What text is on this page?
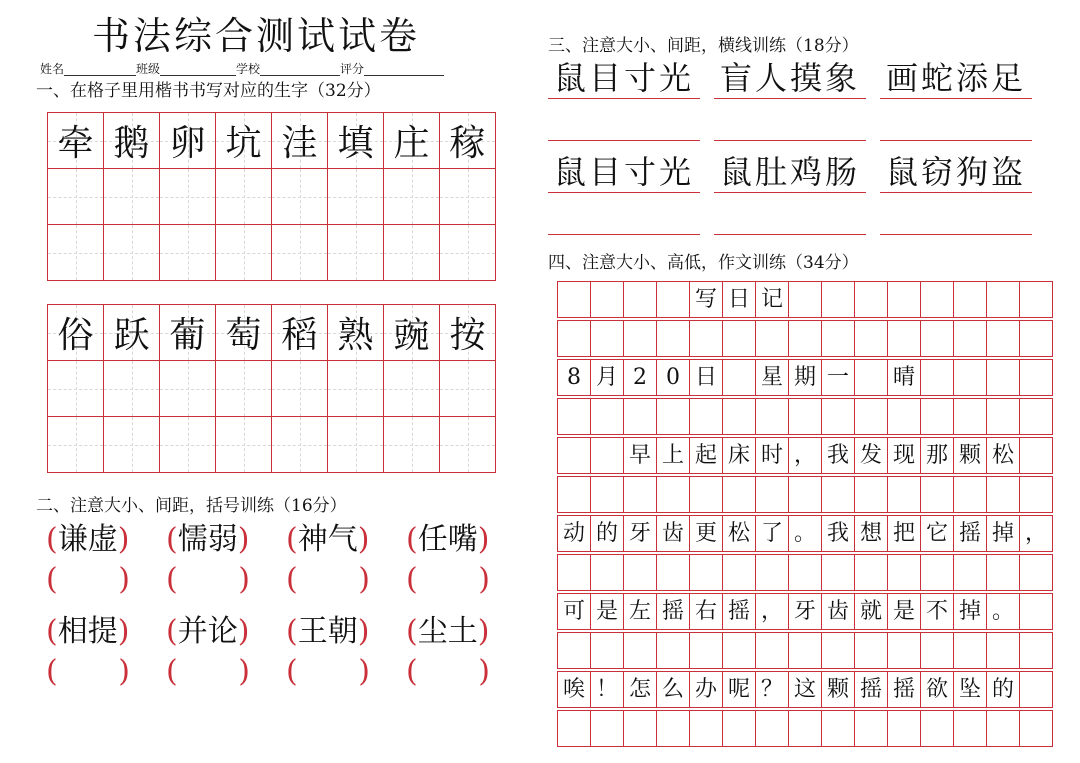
书法综合测试试卷
姓名	班级	学校	评分
一、在格子里用楷书书写对应的生字（32分）
牵	鹅	卵	坑	洼	填	庄	稼

俗	跃	葡	萄	稻	熟	豌	按

二、注意大小、间距，括号训练（16分）
(谦虚)
( )
(懦弱)
( )
(神气)
( )
(任嘴)
( )
(相提)
( )
(并论)
( )
(王朝)
( )
(尘土)
( )
三、注意大小、间距，横线训练（18分）
鼠目寸光 盲人摸象 画蛇添足
鼠目寸光 鼠肚鸡肠 鼠窃狗盗
四、注意大小、高低，作文训练（34分）
				写	日	记								

8	月	2	0	日		星	期	一		晴				

		早	上	起	床	时	，	我	发	现	那	颗	松	

动	的	牙	齿	更	松	了	。	我	想	把	它	摇	掉	，

可	是	左	摇	右	摇	，	牙	齿	就	是	不	掉	。	

唉	！	怎	么	办	呢	？	这	颗	摇	摇	欲	坠	的	
